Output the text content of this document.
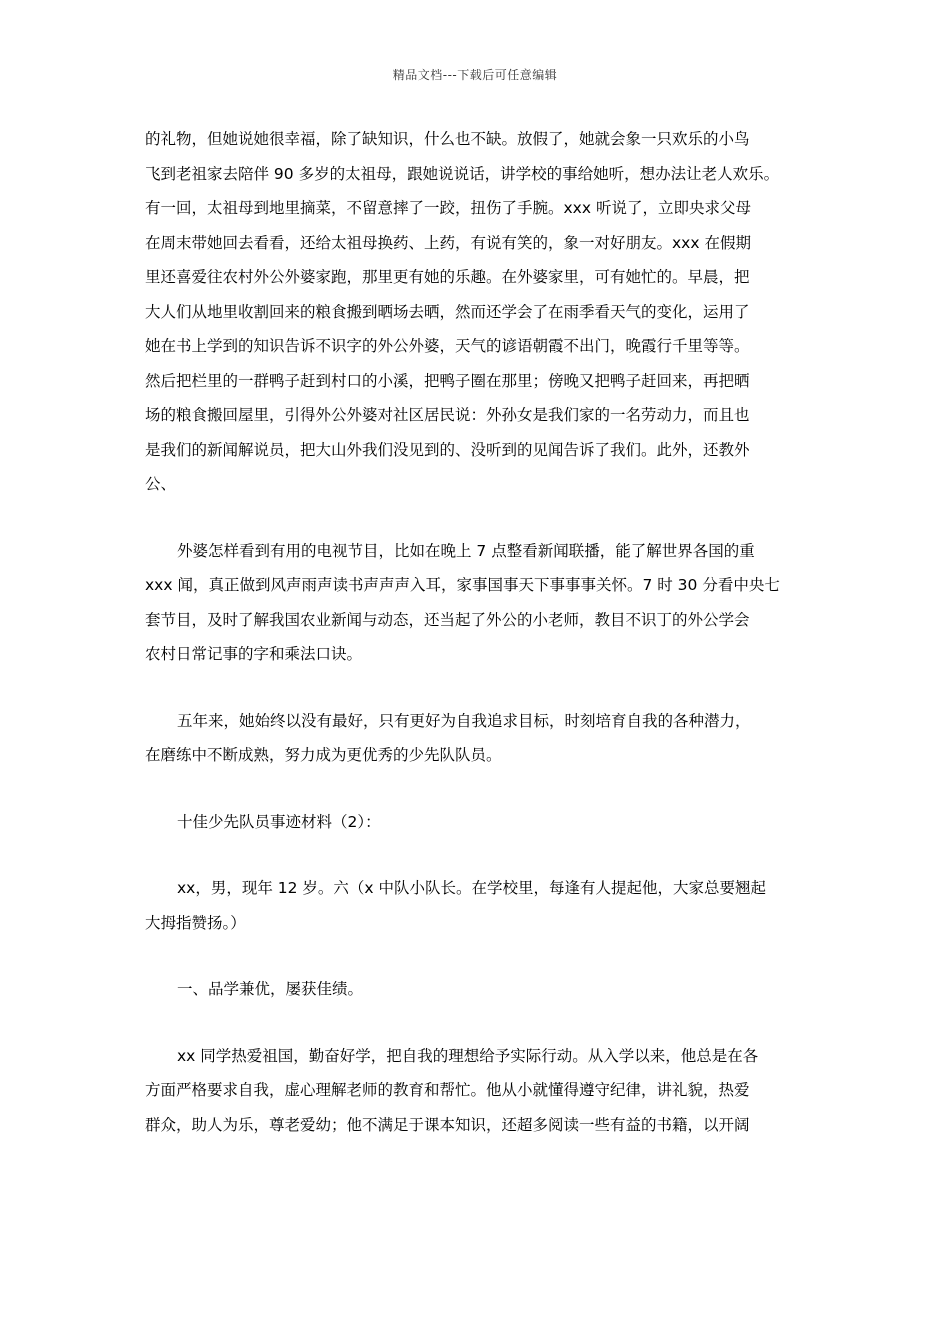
精品文档---下载后可任意编辑
的礼物，但她说她很幸福，除了缺知识，什么也不缺。放假了，她就会象一只欢乐的小鸟
飞到老祖家去陪伴 90 多岁的太祖母，跟她说说话，讲学校的事给她听，想办法让老人欢乐。
有一回，太祖母到地里摘菜，不留意摔了一跤，扭伤了手腕。xxx 听说了，立即央求父母
在周末带她回去看看，还给太祖母换药、上药，有说有笑的，象一对好朋友。xxx 在假期
里还喜爱往农村外公外婆家跑，那里更有她的乐趣。在外婆家里，可有她忙的。早晨，把
大人们从地里收割回来的粮食搬到晒场去晒，然而还学会了在雨季看天气的变化，运用了
她在书上学到的知识告诉不识字的外公外婆，天气的谚语朝霞不出门，晚霞行千里等等。
然后把栏里的一群鸭子赶到村口的小溪，把鸭子圈在那里；傍晚又把鸭子赶回来，再把晒
场的粮食搬回屋里，引得外公外婆对社区居民说：外孙女是我们家的一名劳动力，而且也
是我们的新闻解说员，把大山外我们没见到的、没听到的见闻告诉了我们。此外，还教外
公、
外婆怎样看到有用的电视节目，比如在晚上 7 点整看新闻联播，能了解世界各国的重
xxx 闻，真正做到风声雨声读书声声声入耳，家事国事天下事事事关怀。7 时 30 分看中央七
套节目，及时了解我国农业新闻与动态，还当起了外公的小老师，教目不识丁的外公学会
农村日常记事的字和乘法口诀。
五年来，她始终以没有最好，只有更好为自我追求目标，时刻培育自我的各种潜力，
在磨练中不断成熟，努力成为更优秀的少先队队员。
十佳少先队员事迹材料（2）：
xx，男，现年 12 岁。六（x 中队小队长。在学校里，每逢有人提起他，大家总要翘起
大拇指赞扬。）
一、品学兼优，屡获佳绩。
xx 同学热爱祖国，勤奋好学，把自我的理想给予实际行动。从入学以来，他总是在各
方面严格要求自我，虚心理解老师的教育和帮忙。他从小就懂得遵守纪律，讲礼貌，热爱
群众，助人为乐，尊老爱幼；他不满足于课本知识，还超多阅读一些有益的书籍，以开阔
